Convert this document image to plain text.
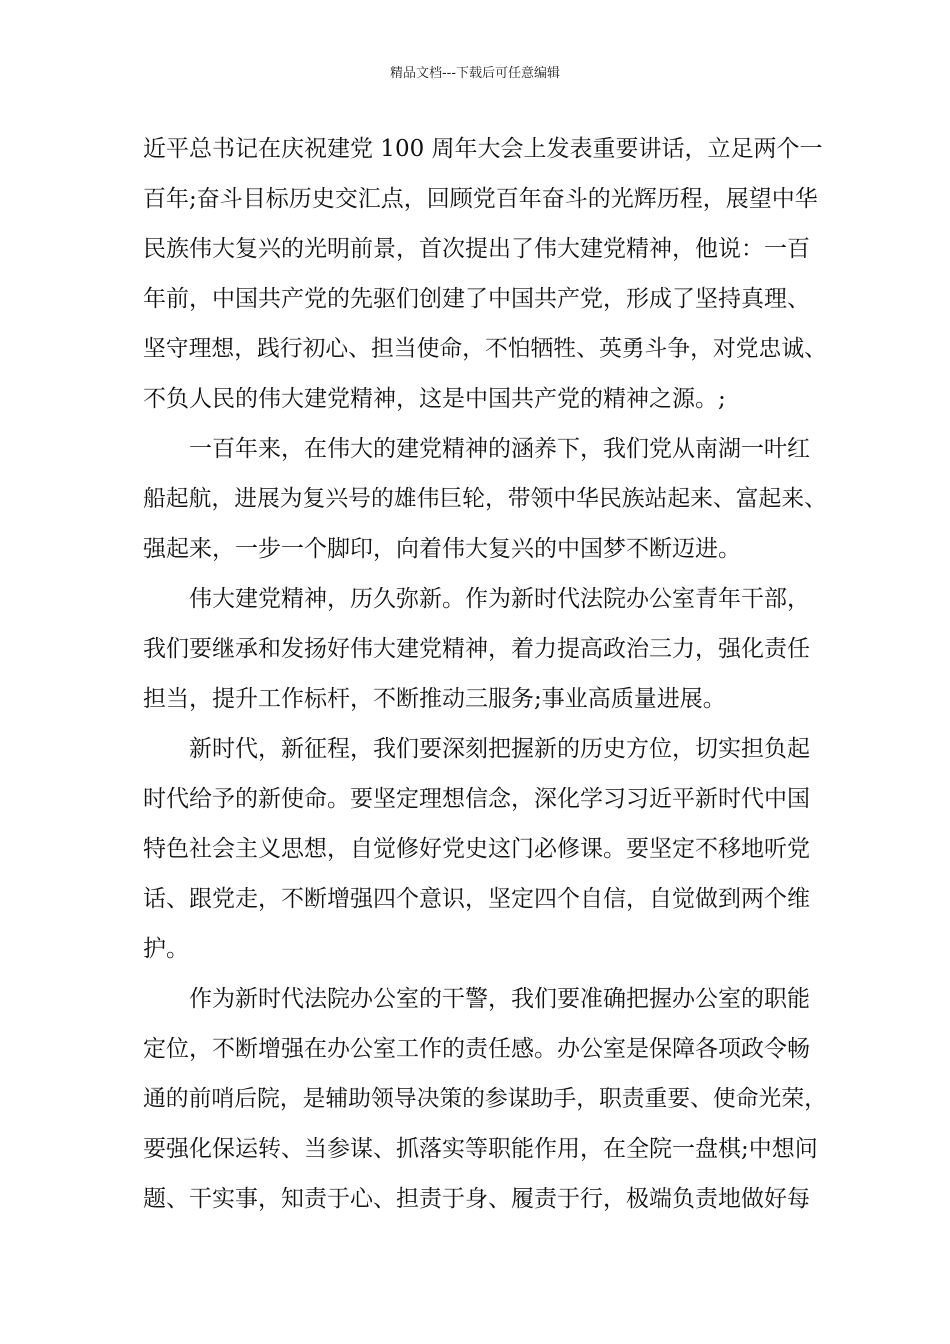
精品文档---下载后可任意编辑
近平总书记在庆祝建党 100 周年大会上发表重要讲话，立足两个一
百年;奋斗目标历史交汇点，回顾党百年奋斗的光辉历程，展望中华
民族伟大复兴的光明前景，首次提出了伟大建党精神，他说：一百
年前，中国共产党的先驱们创建了中国共产党，形成了坚持真理、
坚守理想，践行初心、担当使命，不怕牺牲、英勇斗争，对党忠诚、
不负人民的伟大建党精神，这是中国共产党的精神之源。;
一百年来，在伟大的建党精神的涵养下，我们党从南湖一叶红
船起航，进展为复兴号的雄伟巨轮，带领中华民族站起来、富起来、
强起来，一步一个脚印，向着伟大复兴的中国梦不断迈进。
伟大建党精神，历久弥新。作为新时代法院办公室青年干部，
我们要继承和发扬好伟大建党精神，着力提高政治三力，强化责任
担当，提升工作标杆，不断推动三服务;事业高质量进展。
新时代，新征程，我们要深刻把握新的历史方位，切实担负起
时代给予的新使命。要坚定理想信念，深化学习习近平新时代中国
特色社会主义思想，自觉修好党史这门必修课。要坚定不移地听党
话、跟党走，不断增强四个意识，坚定四个自信，自觉做到两个维
护。
作为新时代法院办公室的干警，我们要准确把握办公室的职能
定位，不断增强在办公室工作的责任感。办公室是保障各项政令畅
通的前哨后院，是辅助领导决策的参谋助手，职责重要、使命光荣，
要强化保运转、当参谋、抓落实等职能作用，在全院一盘棋;中想问
题、干实事，知责于心、担责于身、履责于行，极端负责地做好每
